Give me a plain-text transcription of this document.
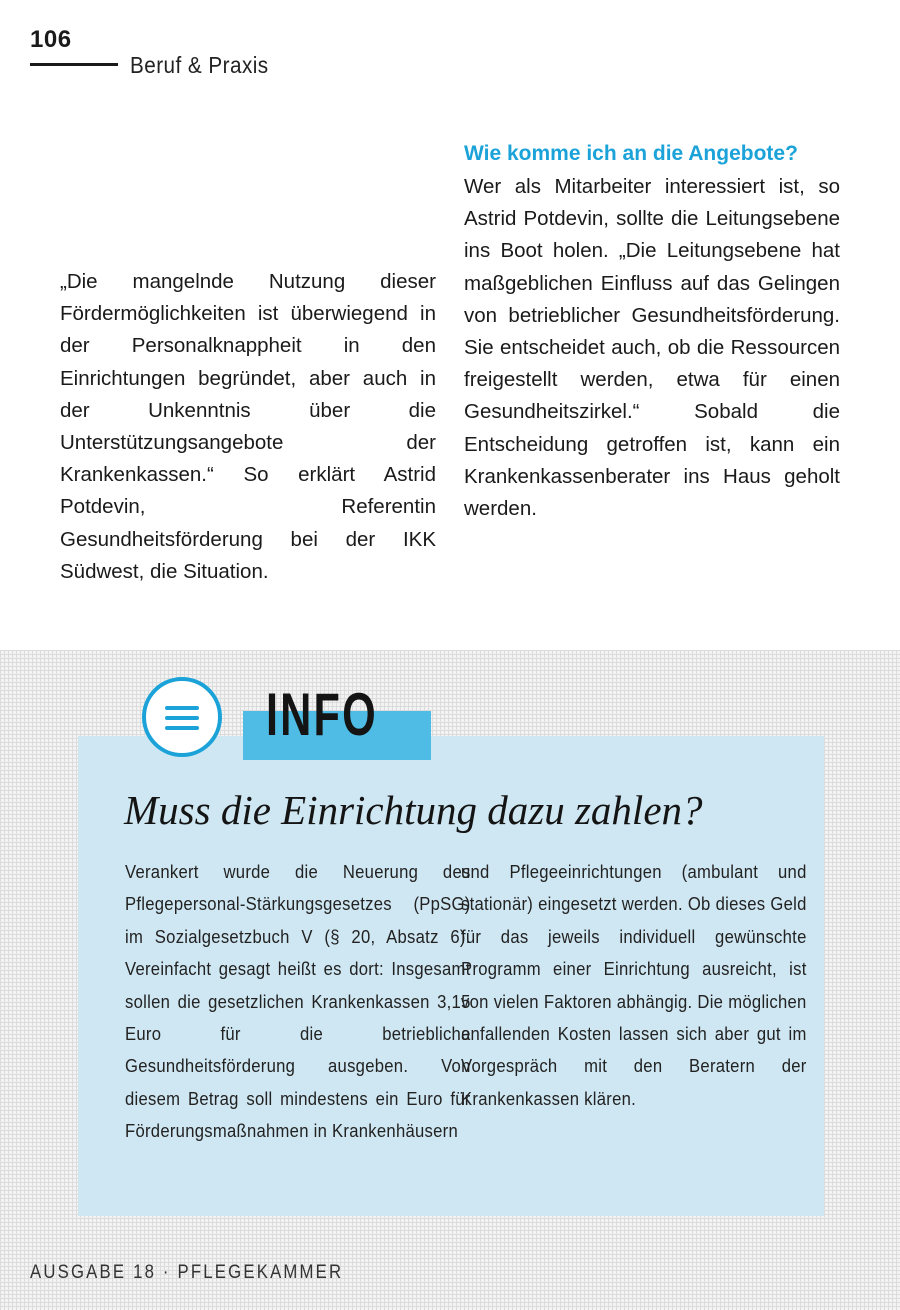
106
Beruf & Praxis
„Die mangelnde Nutzung dieser Fördermöglichkeiten ist überwiegend in der Personalknappheit in den Einrichtungen begründet, aber auch in der Unkenntnis über die Unterstützungsangebote der Krankenkassen.“ So erklärt Astrid Potdevin, Referentin Gesundheitsförderung bei der IKK Südwest, die Situation.
Wie komme ich an die Angebote?
Wer als Mitarbeiter interessiert ist, so Astrid Potdevin, sollte die Leitungsebene ins Boot holen. „Die Leitungsebene hat maßgeblichen Einfluss auf das Gelingen von betrieblicher Gesundheitsförderung. Sie entscheidet auch, ob die Ressourcen freigestellt werden, etwa für einen Gesundheitszirkel.“ Sobald die Entscheidung getroffen ist, kann ein Krankenkassenberater ins Haus geholt werden.
INFO
Muss die Einrichtung dazu zahlen?
Verankert wurde die Neuerung des Pflegepersonal-Stärkungsgesetzes (PpSG) im Sozialgesetzbuch V (§ 20, Absatz 6). Vereinfacht gesagt heißt es dort: Insgesamt sollen die gesetzlichen Krankenkassen 3,15 Euro für die betriebliche Gesundheitsförderung ausgeben. Von diesem Betrag soll mindestens ein Euro für Förderungsmaßnahmen in Krankenhäusern
und Pflegeeinrichtungen (ambulant und stationär) eingesetzt werden. Ob dieses Geld für das jeweils individuell gewünschte Programm einer Einrichtung ausreicht, ist von vielen Faktoren abhängig. Die möglichen anfallenden Kosten lassen sich aber gut im Vorgespräch mit den Beratern der Krankenkassen klären.
AUSGABE 18 · PFLEGEKAMMER
